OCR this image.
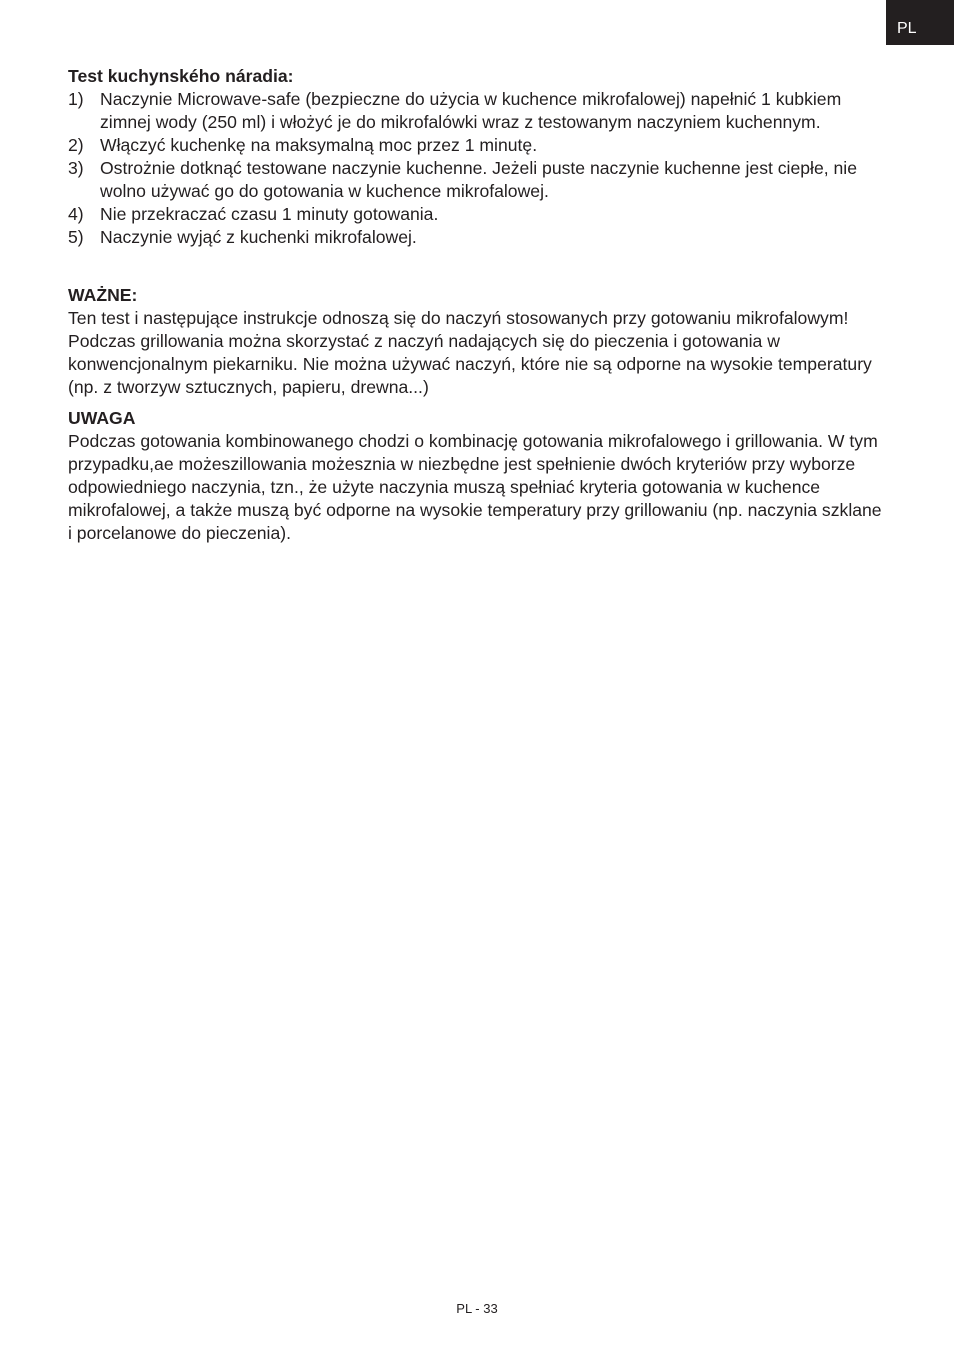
PL

Test kuchynského náradia:

1) Naczynie Microwave-safe (bezpieczne do użycia w kuchence mikrofalowej) napełnić 1 kubkiem zimnej wody (250 ml) i włożyć je do mikrofalówki wraz z testowanym naczyniem kuchennym.
2) Włączyć kuchenkę na maksymalną moc przez 1 minutę.
3) Ostrożnie dotknąć testowane naczynie kuchenne. Jeżeli puste naczynie kuchenne jest ciepłe, nie wolno używać go do gotowania w kuchence mikrofalowej.
4) Nie przekraczać czasu 1 minuty gotowania.
5) Naczynie wyjąć z kuchenki mikrofalowej.

WAŻNE:

Ten test i następujące instrukcje odnoszą się do naczyń stosowanych przy gotowaniu mikrofalowym! Podczas grillowania można skorzystać z naczyń nadających się do pieczenia i gotowania w konwencjonalnym piekarniku. Nie można używać naczyń, które nie są odporne na wysokie temperatury (np. z tworzyw sztucznych, papieru, drewna...)

UWAGA

Podczas gotowania kombinowanego chodzi o kombinację gotowania mikrofalowego i grillowania. W tym przypadku,ae możeszillowania możesznia w niezbędne jest spełnienie dwóch kryteriów przy wyborze odpowiedniego naczynia, tzn., że użyte naczynia muszą spełniać kryteria gotowania w kuchence mikrofalowej, a także muszą być odporne na wysokie temperatury przy grillowaniu (np. naczynia szklane i porcelanowe do pieczenia).

PL - 33
